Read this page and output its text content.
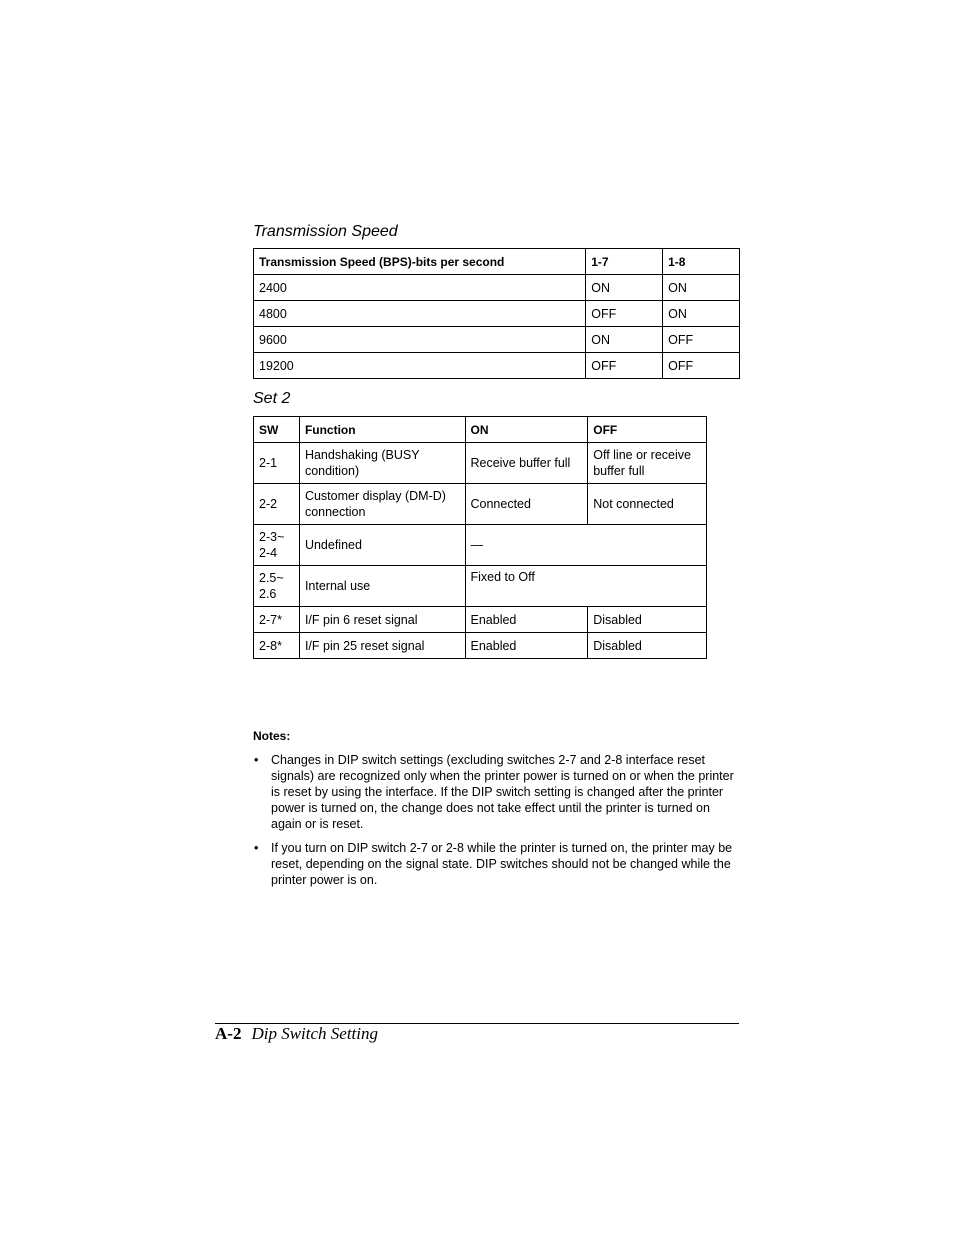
Transmission Speed
Transmission Speed (BPS)-bits per second	1-7	1-8
2400	ON	ON
4800	OFF	ON
9600	ON	OFF
19200	OFF	OFF
Set 2
SW	Function	ON	OFF
2-1	Handshaking (BUSY condition)	Receive buffer full	Off line or receive buffer full
2-2	Customer display (DM-D) connection	Connected	Not connected
2-3~ 2-4	Undefined	—	
2.5~ 2.6	Internal use	Fixed to Off	
2-7*	I/F pin 6 reset signal	Enabled	Disabled
2-8*	I/F pin 25 reset signal	Enabled	Disabled

Notes:

• Changes in DIP switch settings (excluding switches 2-7 and 2-8 interface reset signals) are recognized only when the printer power is turned on or when the printer is reset by using the interface. If the DIP switch setting is changed after the printer power is turned on, the change does not take effect until the printer is turned on again or is reset.
• If you turn on DIP switch 2-7 or 2-8 while the printer is turned on, the printer may be reset, depending on the signal state. DIP switches should not be changed while the printer power is on.
A-2 Dip Switch Setting
